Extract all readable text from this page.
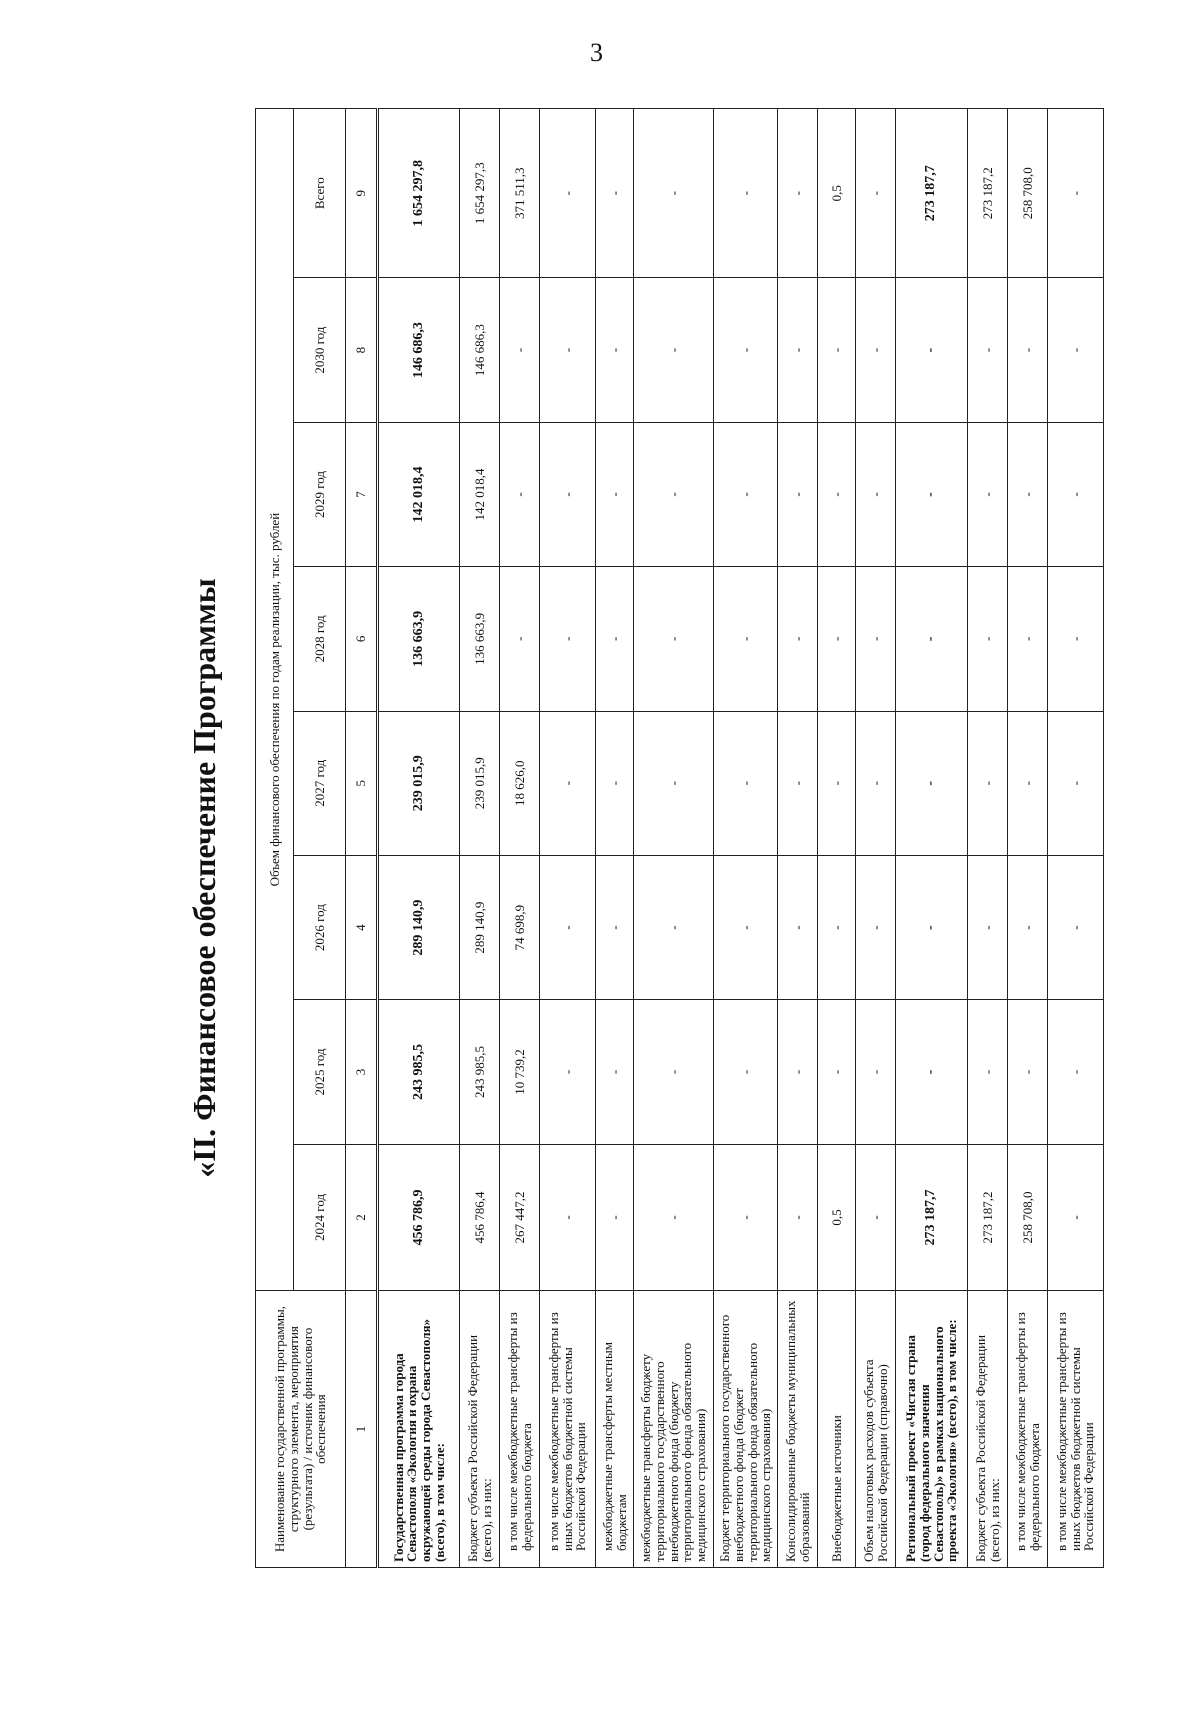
3
«II. Финансовое обеспечение Программы
Наименование государственной программы, структурного элемента, мероприятия (результата) / источник финансового обеспечения	Объем финансового обеспечения по годам реализации, тыс. рублей							
	2024 год	2025 год	2026 год	2027 год	2028 год	2029 год	2030 год	Всего
1	2	3	4	5	6	7	8	9
Государственная программа города Севастополя «Экология и охрана окружающей среды города Севастополя» (всего), в том числе:	456 786,9	243 985,5	289 140,9	239 015,9	136 663,9	142 018,4	146 686,3	1 654 297,8
Бюджет субъекта Российской Федерации (всего), из них:	456 786,4	243 985,5	289 140,9	239 015,9	136 663,9	142 018,4	146 686,3	1 654 297,3
в том числе межбюджетные трансферты из федерального бюджета	267 447,2	10 739,2	74 698,9	18 626,0	-	-	-	371 511,3
в том числе межбюджетные трансферты из иных бюджетов бюджетной системы Российской Федерации	-	-	-	-	-	-	-	-
межбюджетные трансферты местным бюджетам	-	-	-	-	-	-	-	-
межбюджетные трансферты бюджету территориального государственного внебюджетного фонда (бюджету территориального фонда обязательного медицинского страхования)	-	-	-	-	-	-	-	-
Бюджет территориального государственного внебюджетного фонда (бюджет территориального фонда обязательного медицинского страхования)	-	-	-	-	-	-	-	-
Консолидированные бюджеты муниципальных образований	-	-	-	-	-	-	-	-
Внебюджетные источники	0,5	-	-	-	-	-	-	0,5
Объем налоговых расходов субъекта Российской Федерации (справочно)	-	-	-	-	-	-	-	-
Региональный проект «Чистая страна (город федерального значения Севастополь)» в рамках национального проекта «Экология» (всего), в том числе:	273 187,7	-	-	-	-	-	-	273 187,7
Бюджет субъекта Российской Федерации (всего), из них:	273 187,2	-	-	-	-	-	-	273 187,2
в том числе межбюджетные трансферты из федерального бюджета	258 708,0	-	-	-	-	-	-	258 708,0
в том числе межбюджетные трансферты из иных бюджетов бюджетной системы Российской Федерации	-	-	-	-	-	-	-	-
